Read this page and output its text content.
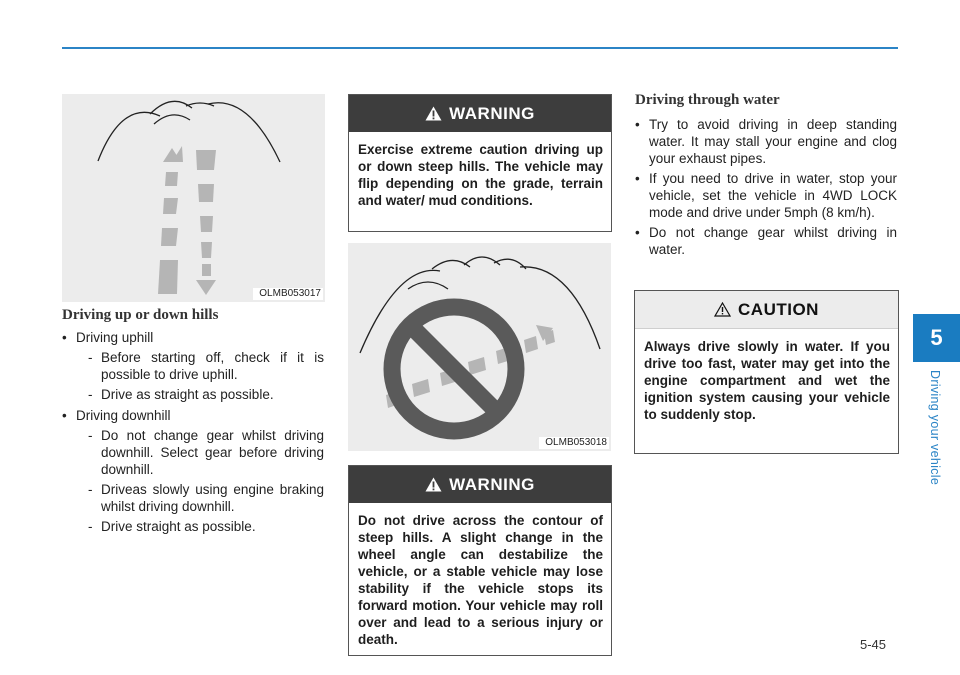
5
Driving your vehicle
OLMB053017
Driving up or down hills
• Driving uphill
- Before starting off, check if it is possible to drive uphill.
- Drive as straight as possible.
• Driving downhill
- Do not change gear whilst driving downhill. Select gear before driving downhill.
- Driveas slowly using engine braking whilst driving downhill.
- Drive straight as possible.
WARNING
Exercise extreme caution driving up or down steep hills. The vehicle may flip depending on the grade, terrain and water/ mud conditions.
OLMB053018
WARNING
Do not drive across the contour of steep hills. A slight change in the wheel angle can destabilize the vehicle, or a stable vehicle may lose stability if the vehicle stops its forward motion. Your vehicle may roll over and lead to a serious injury or death.
Driving through water
• Try to avoid driving in deep standing water. It may stall your engine and clog your exhaust pipes.
• If you need to drive in water, stop your vehicle, set the vehicle in 4WD LOCK mode and drive under 5mph (8 km/h).
• Do not change gear whilst driving in water.
CAUTION
Always drive slowly in water. If you drive too fast, water may get into the engine compartment and wet the ignition system causing your vehicle to suddenly stop.
5-45
